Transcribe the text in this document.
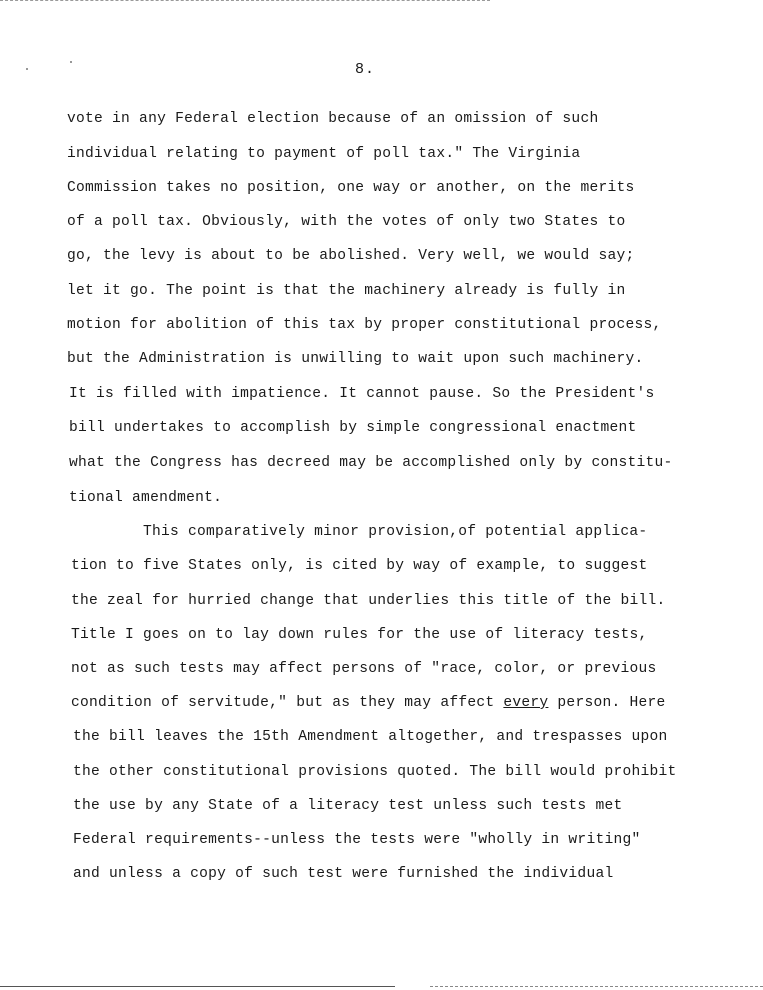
8.
vote in any Federal election because of an omission of such
individual relating to payment of poll tax." The Virginia
Commission takes no position, one way or another, on the merits
of a poll tax. Obviously, with the votes of only two States to
go, the levy is about to be abolished. Very well, we would say;
let it go. The point is that the machinery already is fully in
motion for abolition of this tax by proper constitutional process,
but the Administration is unwilling to wait upon such machinery.
It is filled with impatience. It cannot pause. So the President's
bill undertakes to accomplish by simple congressional enactment
what the Congress has decreed may be accomplished only by constitu-
tional amendment.
This comparatively minor provision,of potential applica-
tion to five States only, is cited by way of example, to suggest
the zeal for hurried change that underlies this title of the bill.
Title I goes on to lay down rules for the use of literacy tests,
not as such tests may affect persons of "race, color, or previous
condition of servitude," but as they may affect every person. Here
the bill leaves the 15th Amendment altogether, and trespasses upon
the other constitutional provisions quoted. The bill would prohibit
the use by any State of a literacy test unless such tests met
Federal requirements--unless the tests were "wholly in writing"
and unless a copy of such test were furnished the individual
